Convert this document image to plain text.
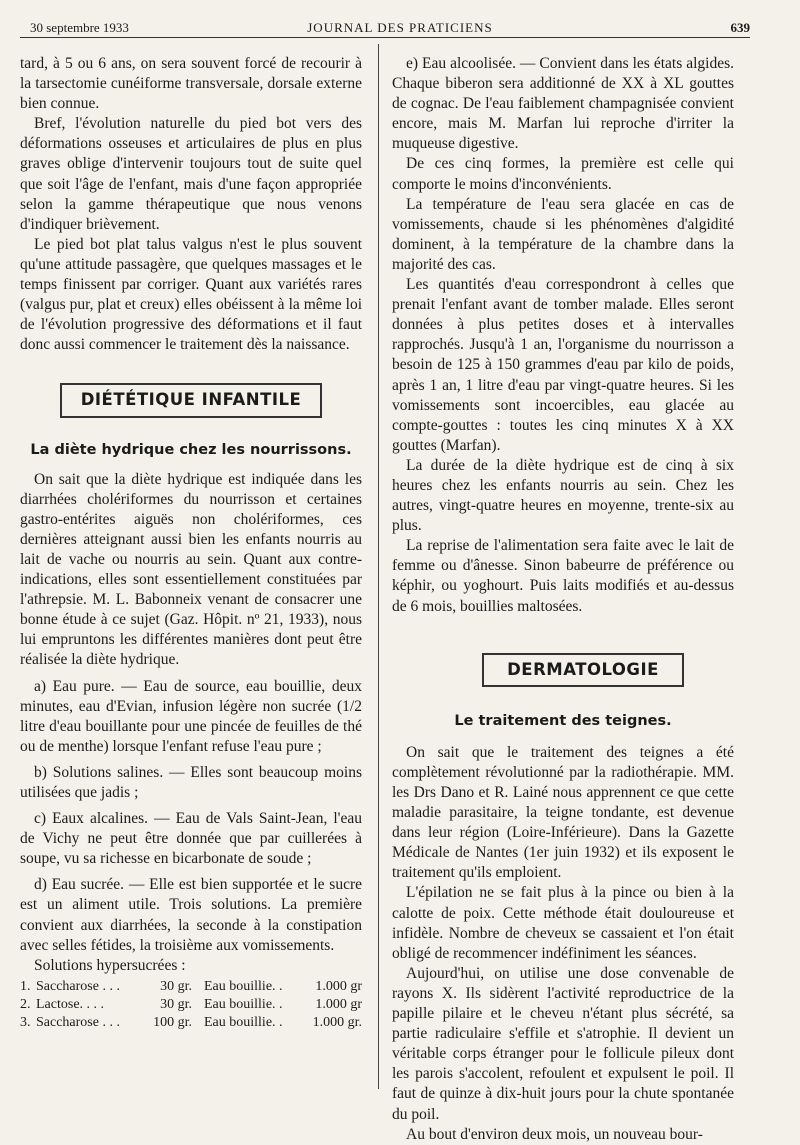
30 septembre 1933	JOURNAL DES PRATICIENS	639

tard, à 5 ou 6 ans, on sera souvent forcé de recourir à la tarsectomie cunéiforme transversale, dorsale externe bien connue.

Bref, l'évolution naturelle du pied bot vers des déformations osseuses et articulaires de plus en plus graves oblige d'intervenir toujours tout de suite quel que soit l'âge de l'enfant, mais d'une façon appropriée selon la gamme thérapeutique que nous venons d'indiquer brièvement.

Le pied bot plat talus valgus n'est le plus souvent qu'une attitude passagère, que quelques massages et le temps finissent par corriger. Quant aux variétés rares (valgus pur, plat et creux) elles obéissent à la même loi de l'évolution progressive des déformations et il faut donc aussi commencer le traitement dès la naissance.

DIÉTÉTIQUE INFANTILE
La diète hydrique chez les nourrissons.

On sait que la diète hydrique est indiquée dans les diarrhées cholériformes du nourrisson et certaines gastro-entérites aiguës non cholériformes, ces dernières atteignant aussi bien les enfants nourris au lait de vache ou nourris au sein. Quant aux contre-indications, elles sont essentiellement constituées par l'athrepsie. M. L. Babonneix venant de consacrer une bonne étude à ce sujet (Gaz. Hôpit. nº 21, 1933), nous lui empruntons les différentes manières dont peut être réalisée la diète hydrique.

a) Eau pure. — Eau de source, eau bouillie, deux minutes, eau d'Evian, infusion légère non sucrée (1/2 litre d'eau bouillante pour une pincée de feuilles de thé ou de menthe) lorsque l'enfant refuse l'eau pure ;

b) Solutions salines. — Elles sont beaucoup moins utilisées que jadis ;

c) Eaux alcalines. — Eau de Vals Saint-Jean, l'eau de Vichy ne peut être donnée que par cuillerées à soupe, vu sa richesse en bicarbonate de soude ;

d) Eau sucrée. — Elle est bien supportée et le sucre est un aliment utile. Trois solutions. La première convient aux diarrhées, la seconde à la constipation avec selles fétides, la troisième aux vomissements.

Solutions hypersucrées :

1.	Saccharose . . .	30 gr.	Eau bouillie. .	1.000 gr
2.	Lactose. . . .	30 gr.	Eau bouillie. .	1.000 gr
3.	Saccharose . . .	100 gr.	Eau bouillie. .	1.000 gr.

e) Eau alcoolisée. — Convient dans les états algides. Chaque biberon sera additionné de XX à XL gouttes de cognac. De l'eau faiblement champagnisée convient encore, mais M. Marfan lui reproche d'irriter la muqueuse digestive.

De ces cinq formes, la première est celle qui comporte le moins d'inconvénients.

La température de l'eau sera glacée en cas de vomissements, chaude si les phénomènes d'algidité dominent, à la température de la chambre dans la majorité des cas.

Les quantités d'eau correspondront à celles que prenait l'enfant avant de tomber malade. Elles seront données à plus petites doses et à intervalles rapprochés. Jusqu'à 1 an, l'organisme du nourrisson a besoin de 125 à 150 grammes d'eau par kilo de poids, après 1 an, 1 litre d'eau par vingt-quatre heures. Si les vomissements sont incoercibles, eau glacée au compte-gouttes : toutes les cinq minutes X à XX gouttes (Marfan).

La durée de la diète hydrique est de cinq à six heures chez les enfants nourris au sein. Chez les autres, vingt-quatre heures en moyenne, trente-six au plus.

La reprise de l'alimentation sera faite avec le lait de femme ou d'ânesse. Sinon babeurre de préférence ou képhir, ou yoghourt. Puis laits modifiés et au-dessus de 6 mois, bouillies maltosées.

DERMATOLOGIE
Le traitement des teignes.

On sait que le traitement des teignes a été complètement révolutionné par la radiothérapie. MM. les Drs Dano et R. Lainé nous apprennent ce que cette maladie parasitaire, la teigne tondante, est devenue dans leur région (Loire-Inférieure). Dans la Gazette Médicale de Nantes (1er juin 1932) et ils exposent le traitement qu'ils emploient.

L'épilation ne se fait plus à la pince ou bien à la calotte de poix. Cette méthode était douloureuse et infidèle. Nombre de cheveux se cassaient et l'on était obligé de recommencer indéfiniment les séances.

Aujourd'hui, on utilise une dose convenable de rayons X. Ils sidèrent l'activité reproductrice de la papille pilaire et le cheveu n'étant plus sécrété, sa partie radiculaire s'effile et s'atrophie. Il devient un véritable corps étranger pour le follicule pileux dont les parois s'accolent, refoulent et expulsent le poil. Il faut de quinze à dix-huit jours pour la chute spontanée du poil.

Au bout d'environ deux mois, un nouveau bour-
